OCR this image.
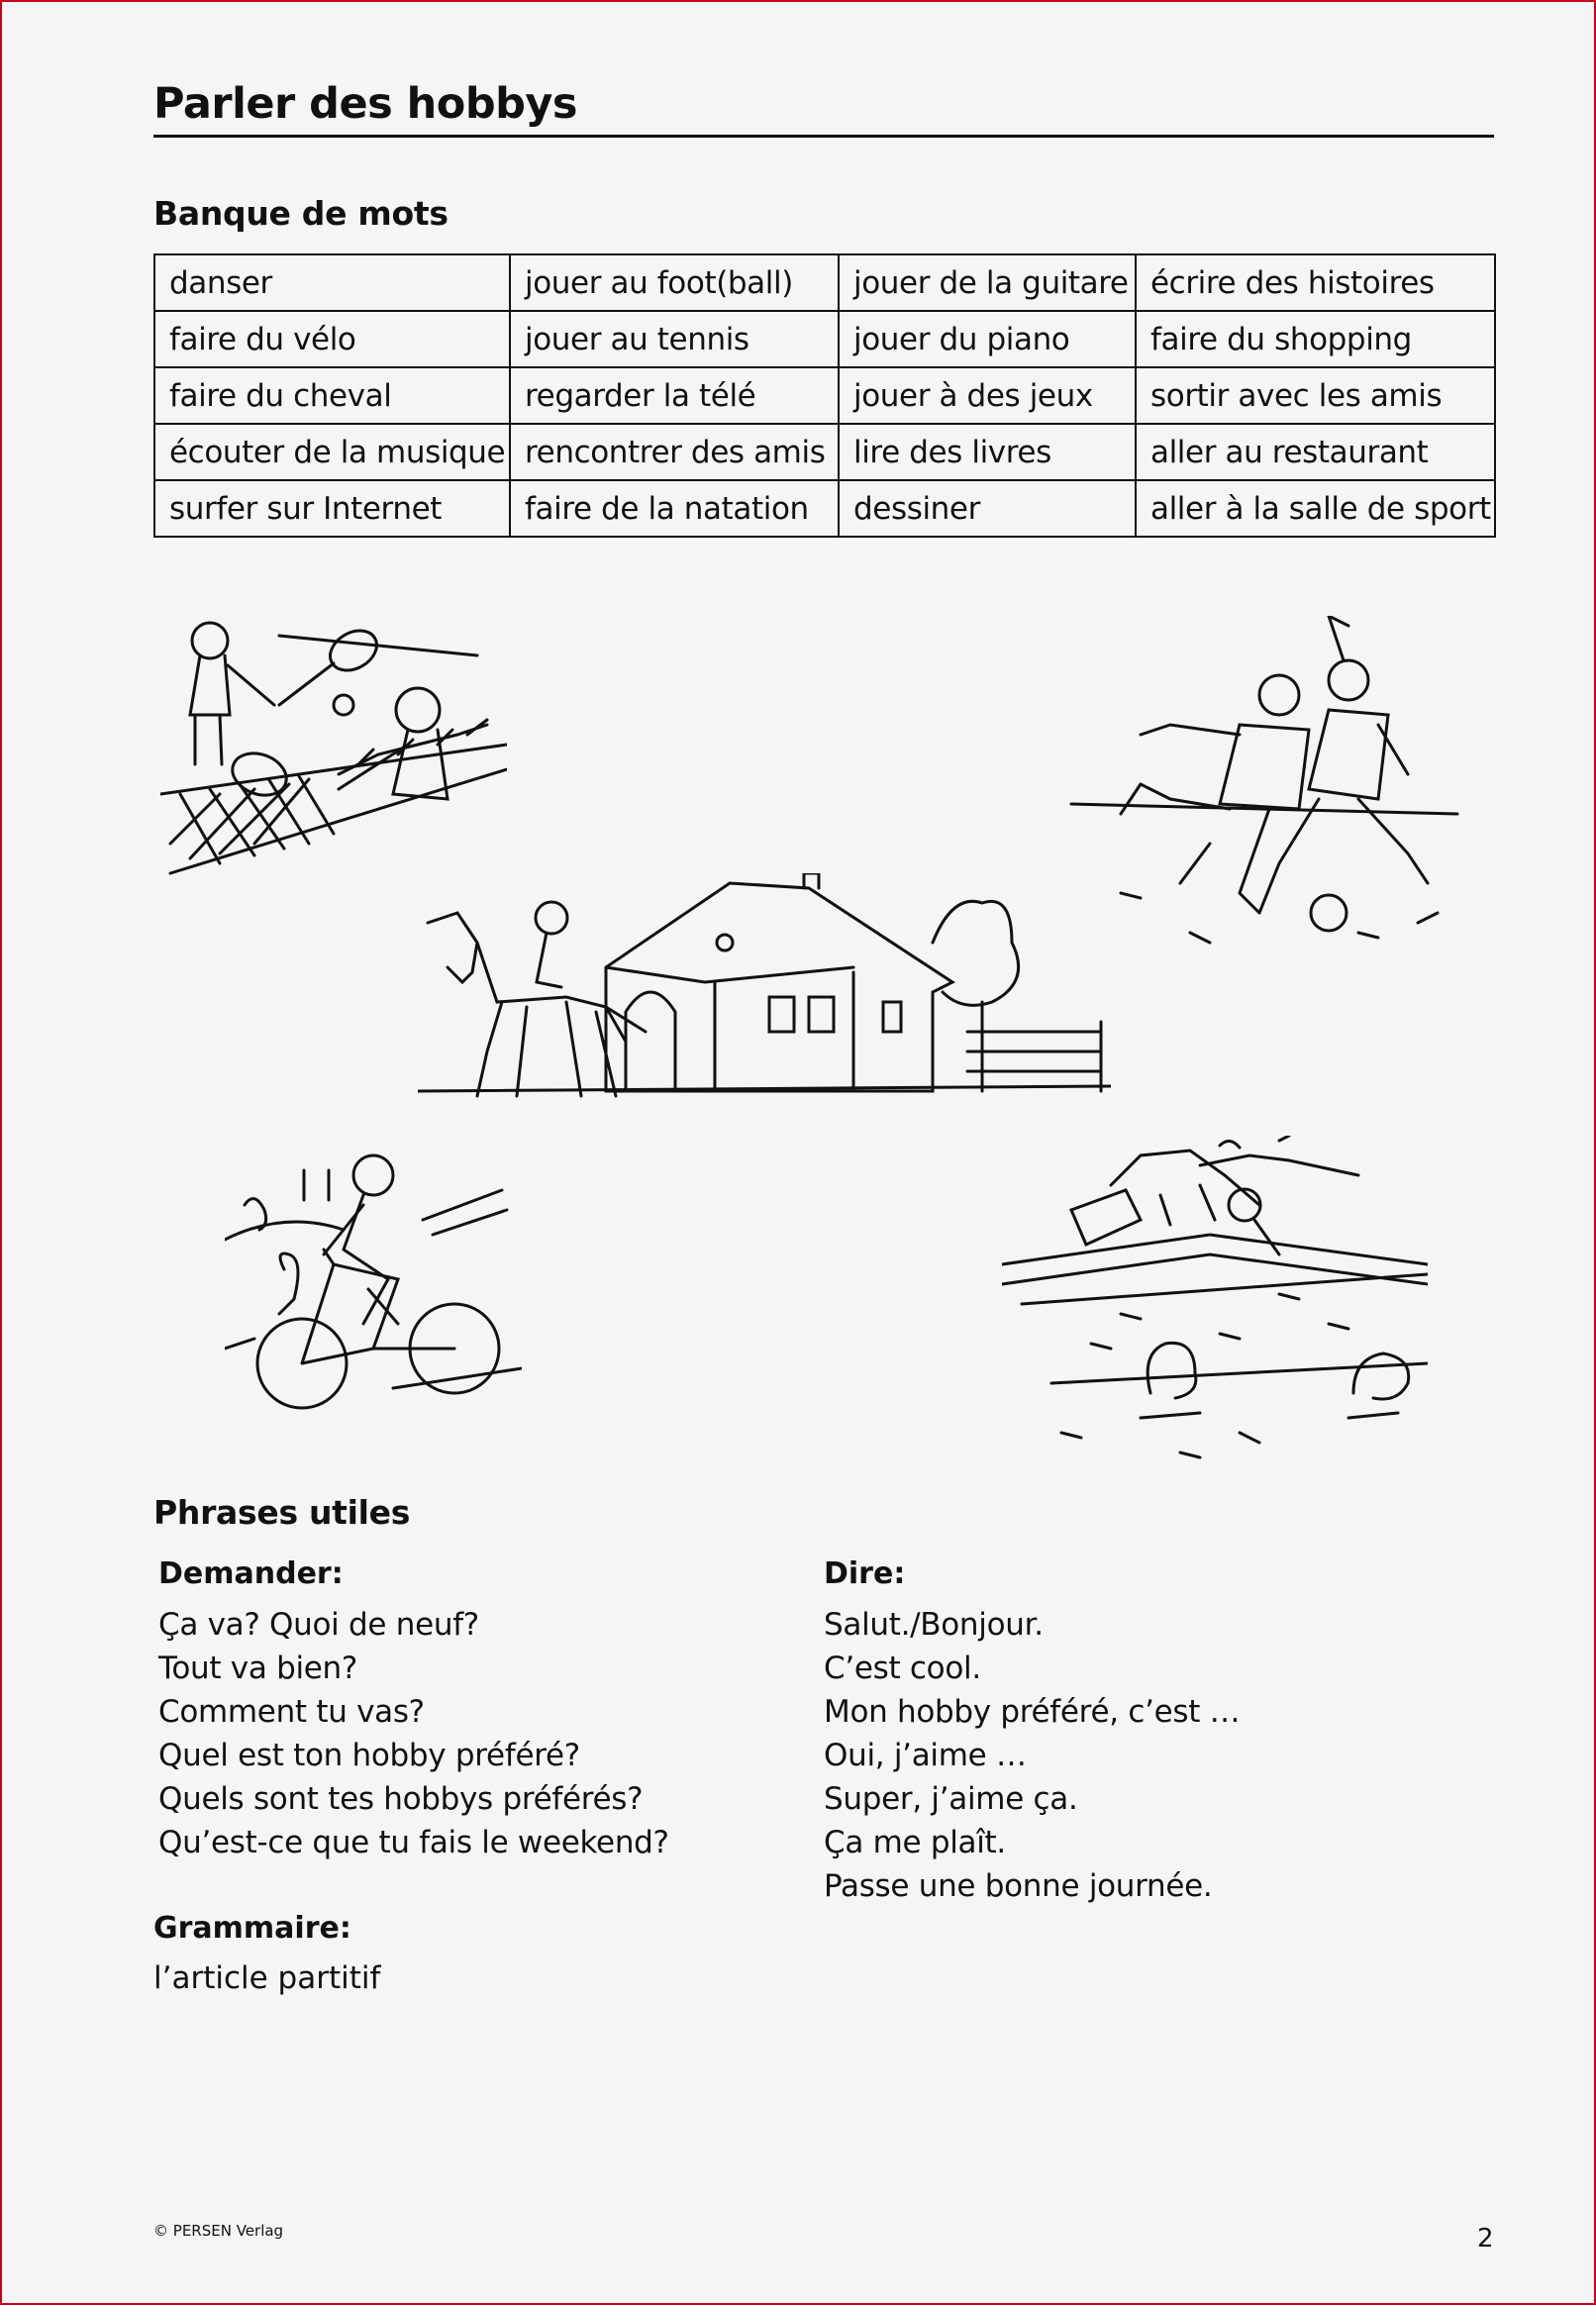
Parler des hobbys
Banque de mots
danser	jouer au foot(ball)	jouer de la guitare	écrire des histoires
faire du vélo	jouer au tennis	jouer du piano	faire du shopping
faire du cheval	regarder la télé	jouer à des jeux	sortir avec les amis
écouter de la musique	rencontrer des amis	lire des livres	aller au restaurant
surfer sur Internet	faire de la natation	dessiner	aller à la salle de sport
Phrases utiles
Demander:
Ça va? Quoi de neuf?
Tout va bien?
Comment tu vas?
Quel est ton hobby préféré?
Quels sont tes hobbys préférés?
Qu’est-ce que tu fais le weekend?
Dire:
Salut./Bonjour.
C’est cool.
Mon hobby préféré, c’est …
Oui, j’aime …
Super, j’aime ça.
Ça me plaît.
Passe une bonne journée.
Grammaire:
l’article partitif
© PERSEN Verlag	2
